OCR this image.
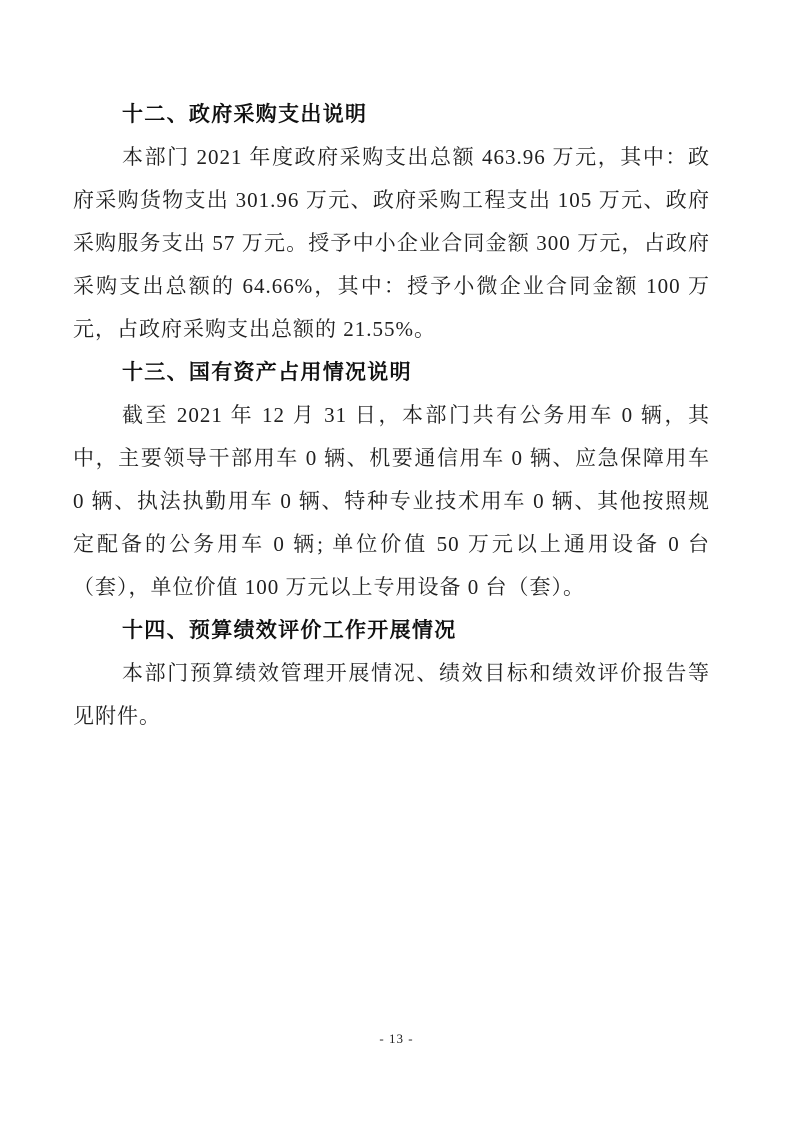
十二、政府采购支出说明

本部门 2021 年度政府采购支出总额 463.96 万元，其中：政府采购货物支出 301.96 万元、政府采购工程支出 105 万元、政府采购服务支出 57 万元。授予中小企业合同金额 300 万元，占政府采购支出总额的 64.66%，其中：授予小微企业合同金额 100 万元，占政府采购支出总额的 21.55%。

十三、国有资产占用情况说明

截至 2021 年 12 月 31 日，本部门共有公务用车 0 辆，其中，主要领导干部用车 0 辆、机要通信用车 0 辆、应急保障用车 0 辆、执法执勤用车 0 辆、特种专业技术用车 0 辆、其他按照规定配备的公务用车 0 辆; 单位价值 50 万元以上通用设备 0 台（套），单位价值 100 万元以上专用设备 0 台（套）。

十四、预算绩效评价工作开展情况

本部门预算绩效管理开展情况、绩效目标和绩效评价报告等见附件。

- 13 -
